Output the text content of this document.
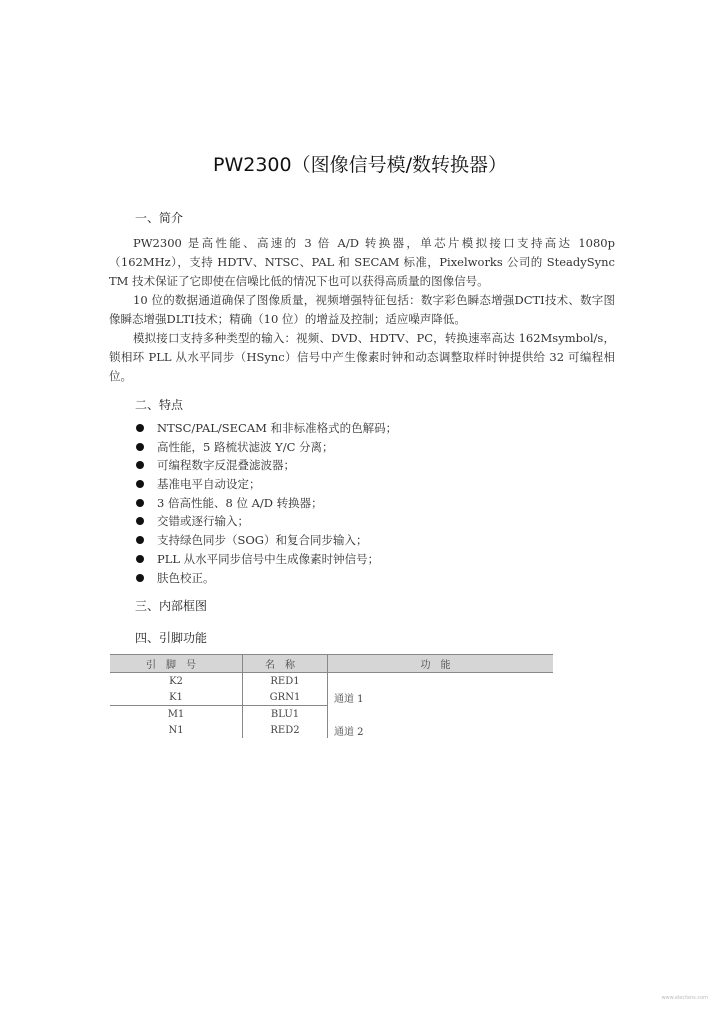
PW2300（图像信号模/数转换器）
一、简介

PW2300 是高性能、高速的 3 倍 A/D 转换器，单芯片模拟接口支持高达 1080p（162MHz），支持 HDTV、NTSC、PAL 和 SECAM 标准，Pixelworks 公司的 SteadySync TM 技术保证了它即使在信噪比低的情况下也可以获得高质量的图像信号。

10 位的数据通道确保了图像质量，视频增强特征包括：数字彩色瞬态增强DCTI技术、数字图像瞬态增强DLTI技术；精确（10 位）的增益及控制；适应噪声降低。

模拟接口支持多种类型的输入：视频、DVD、HDTV、PC，转换速率高达 162Msymbol/s，锁相环 PLL 从水平同步（HSync）信号中产生像素时钟和动态调整取样时钟提供给 32 可编程相位。

二、特点
NTSC/PAL/SECAM 和非标准格式的色解码；
高性能，5 路梳状滤波 Y/C 分离；
可编程数字反混叠滤波器；
基准电平自动设定；
3 倍高性能、8 位 A/D 转换器；
交错或逐行输入；
支持绿色同步（SOG）和复合同步输入；
PLL 从水平同步信号中生成像素时钟信号；
肤色校正。
三、内部框图
四、引脚功能
引脚号	名称	功能
K2	RED1	
K1	GRN1	通道 1
M1	BLU1	
N1	RED2	通道 2
www.elecfans.com
